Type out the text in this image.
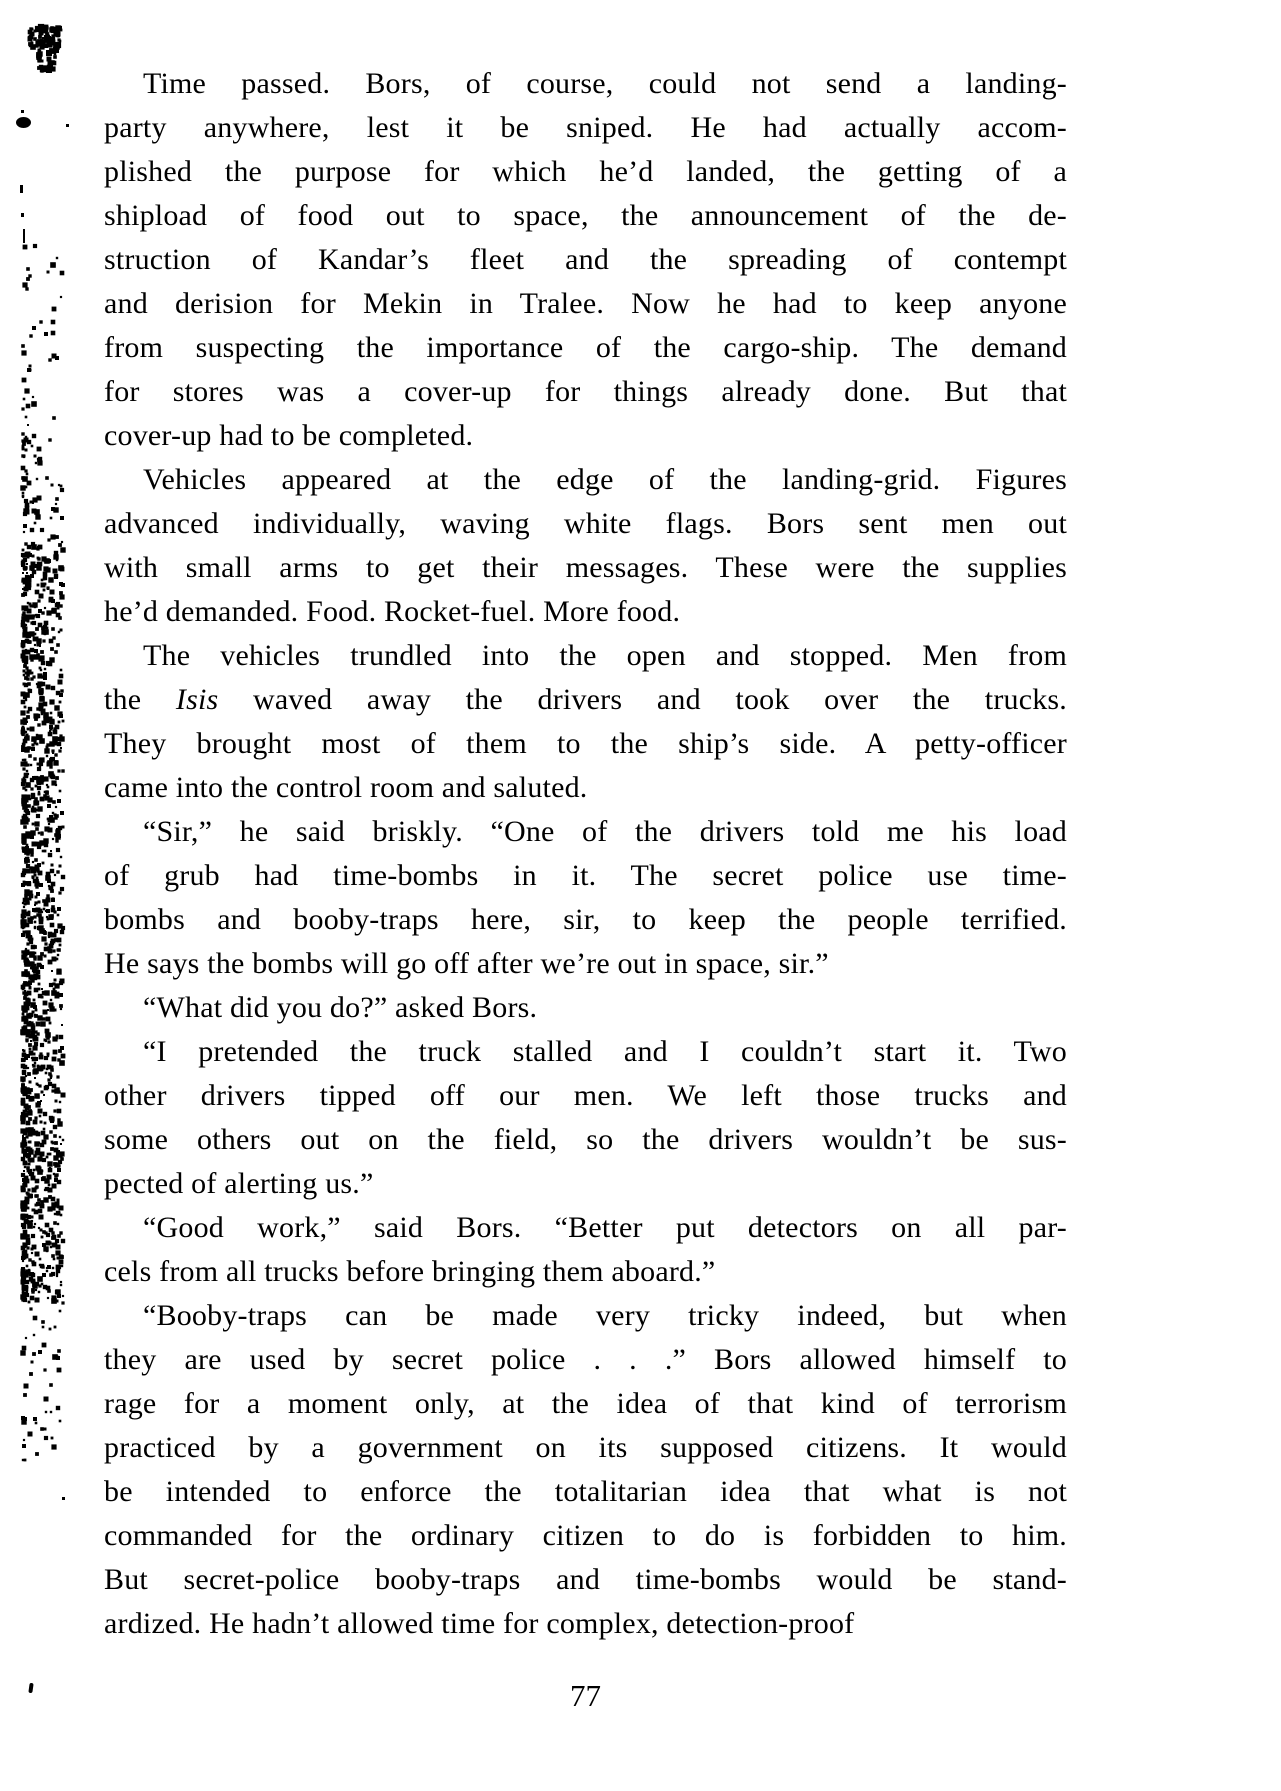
Time passed. Bors, of course, could not send a landing-
party anywhere, lest it be sniped. He had actually accom-
plished the purpose for which he’d landed, the getting of a
shipload of food out to space, the announcement of the de-
struction of Kandar’s fleet and the spreading of contempt
and derision for Mekin in Tralee. Now he had to keep anyone
from suspecting the importance of the cargo-ship. The demand
for stores was a cover-up for things already done. But that
cover-up had to be completed.
Vehicles appeared at the edge of the landing-grid. Figures
advanced individually, waving white flags. Bors sent men out
with small arms to get their messages. These were the supplies
he’d demanded. Food. Rocket-fuel. More food.
The vehicles trundled into the open and stopped. Men from
the Isis waved away the drivers and took over the trucks.
They brought most of them to the ship’s side. A petty-officer
came into the control room and saluted.
“Sir,” he said briskly. “One of the drivers told me his load
of grub had time-bombs in it. The secret police use time-
bombs and booby-traps here, sir, to keep the people terrified.
He says the bombs will go off after we’re out in space, sir.”
“What did you do?” asked Bors.
“I pretended the truck stalled and I couldn’t start it. Two
other drivers tipped off our men. We left those trucks and
some others out on the field, so the drivers wouldn’t be sus-
pected of alerting us.”
“Good work,” said Bors. “Better put detectors on all par-
cels from all trucks before bringing them aboard.”
“Booby-traps can be made very tricky indeed, but when
they are used by secret police . . .” Bors allowed himself to
rage for a moment only, at the idea of that kind of terrorism
practiced by a government on its supposed citizens. It would
be intended to enforce the totalitarian idea that what is not
commanded for the ordinary citizen to do is forbidden to him.
But secret-police booby-traps and time-bombs would be stand-
ardized. He hadn’t allowed time for complex, detection-proof
77
